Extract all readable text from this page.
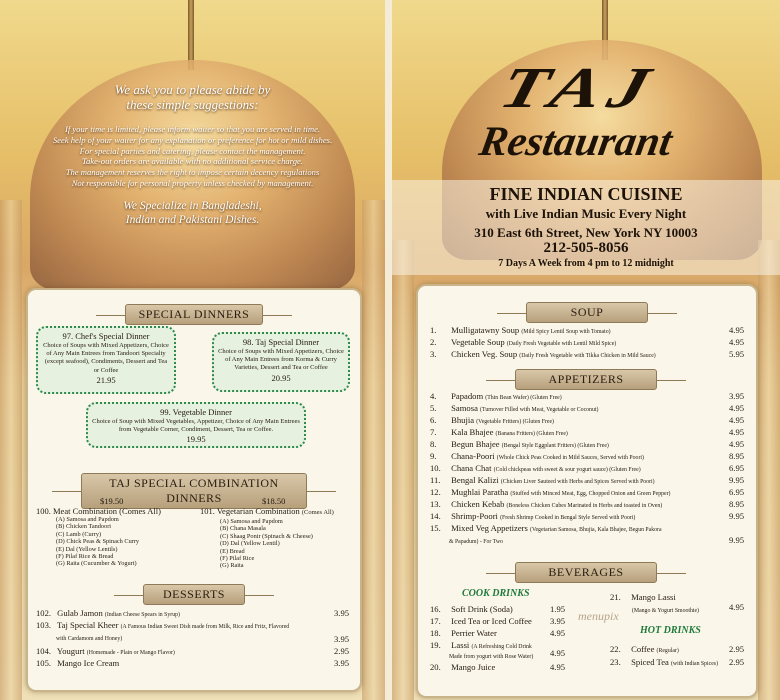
We ask you to please abide by
these simple suggestions:
If your time is limited, please inform waiter so that you are served in time.
Seek help of your waiter for any explanation or preference for hot or mild dishes.
For special parties and catering, please contact the management.
Take-out orders are available with no additional service charge.
The management reserves the right to impose certain decency regulations
Not responsible for personal property unless checked by management.
We Specialize in Bangladeshi,
Indian and Pakistani Dishes.
SPECIAL DINNERS
97. Chef's Special Dinner
Choice of Soups with Mixed Appetizers, Choice of Any Main Entrees from Tandoori Specialty (except seafood), Condiments, Dessert and Tea or Coffee
21.95
98. Taj Special Dinner
Choice of Soups with Mixed Appetizers, Choice of Any Main Entrees from Korma & Curry Varieties, Dessert and Tea or Coffee
20.95
99. Vegetable Dinner
Choice of Soup with Mixed Vegetables, Appetizer, Choice of Any Main Entrees from Vegetable Corner, Condiment, Dessert, Tea or Coffee.
19.95
TAJ SPECIAL COMBINATION DINNERS
$19.50
100. Meat Combination (Comes All)
(A) Samosa and Papdom
(B) Chicken Tandoori
(C) Lamb (Curry)
(D) Chick Peas & Spinach Curry
(E) Dal (Yellow Lentils)
(F) Pilaf Rice & Bread
(G) Raita (Cucumber & Yogurt)
$18.50
101. Vegetarian Combination (Comes All)
(A) Samosa and Papdom
(B) Chana Masala
(C) Shaag Ponir (Spinach & Cheese)
(D) Dal (Yellow Lentil)
(E) Bread
(F) Pilaf Rice
(G) Raita
DESSERTS
102. Gulab Jamon (Indian Cheese Spears in Syrup)	3.95
103. Taj Special Kheer (A Famous Indian Sweet Dish made from Milk, Rice and Fritz, Flavored
with Cardamom and Honey)	3.95
104. Yougurt (Homemade - Plain or Mango Flavor)	2.95
105. Mango Ice Cream	3.95
TAJ
Restaurant
FINE INDIAN CUISINE
with Live Indian Music Every Night
310 East 6th Street, New York NY 10003
212-505-8056
7 Days A Week from 4 pm to 12 midnight
SOUP
1. Mulligatawny Soup (Mild Spicy Lentil Soup with Tomato)	4.95
2. Vegetable Soup (Daily Fresh Vegetable with Lentil Mild Spice)	4.95
3. Chicken Veg. Soup (Daily Fresh Vegetable with Tikka Chicken in Mild Sauce)	5.95
APPETIZERS
4. Papadom (Thin Bean Wafer) (Gluten Free)	3.95
5. Samosa (Turnover Filled with Meat, Vegetable or Coconut)	4.95
6. Bhujia (Vegetable Fritters) (Gluten Free)	4.95
7. Kala Bhajee (Banana Fritters) (Gluten Free)	4.95
8. Begun Bhajee (Bengal Style Eggplant Fritters) (Gluten Free)	4.95
9. Chana-Poori (Whole Chick Peas Cooked in Mild Sauces, Served with Poori)	8.95
10. Chana Chat (Cold chickpeas with sweet & sour yogurt sauce) (Gluten Free)	6.95
11. Bengal Kalizi (Chicken Liver Sauteed with Herbs and Spices Served with Poori)	9.95
12. Mughlai Paratha (Stuffed with Minced Meat, Egg, Chopped Onion and Green Pepper)	6.95
13. Chicken Kebab (Boneless Chicken Cubes Marinated in Herbs and toasted in Oven)	8.95
14. Shrimp-Poori (Fresh Shrimp Cooked in Bengal Style Served with Poori)	9.95
15. Mixed Veg Appetizers (Vegetarian Samosa, Bhujia, Kala Bhajee, Begun Pakora
& Papadum) - For Two	9.95
BEVERAGES
COOK DRINKS
16. Soft Drink (Soda)	1.95
17. Iced Tea or Iced Coffee 3.95
18. Perrier Water	4.95
19. Lassi (A Refreshing Cold Drink
Made from yogurt with Rose Water) 4.95
20. Mango Juice	4.95
21. Mango Lassi
(Mango & Yogurt Smoothie)	4.95
menupix
HOT DRINKS
22. Coffee (Regular)	2.95
23. Spiced Tea (with Indian Spices) 2.95
